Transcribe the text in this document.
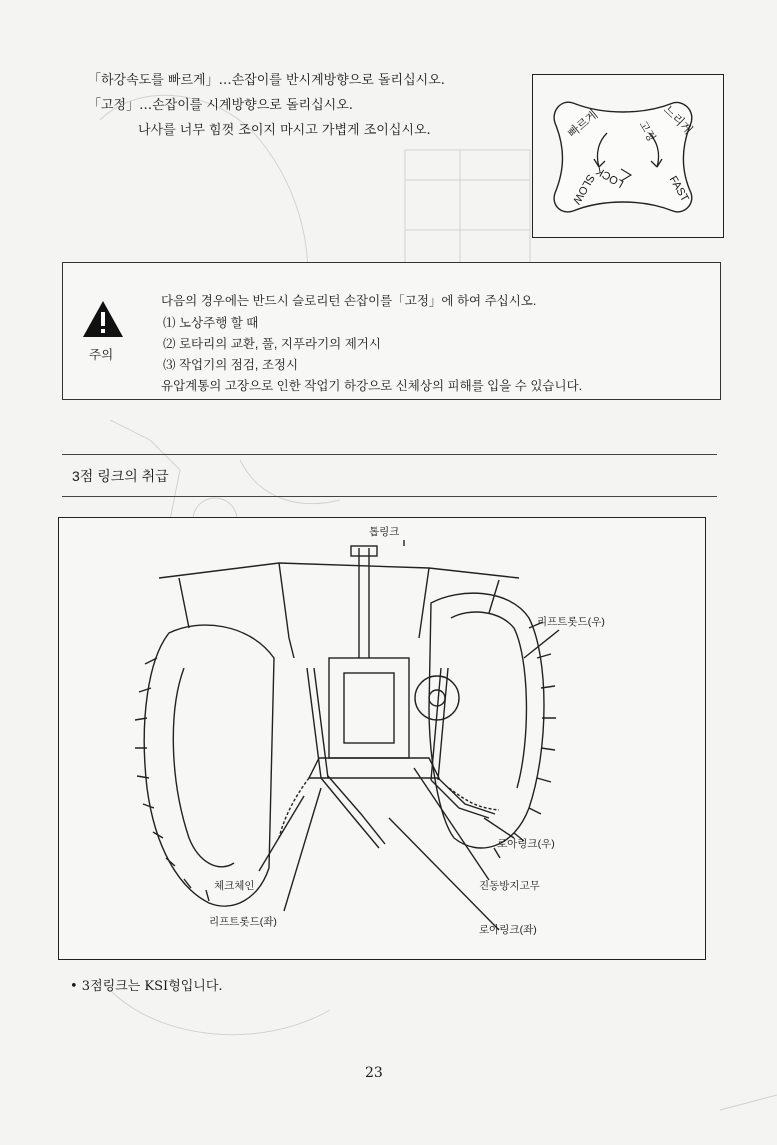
「하강속도를 빠르게」…손잡이를 반시계방향으로 돌리십시오.
「고정」…손잡이를 시계방향으로 돌리십시오.
나사를 너무 힘껏 조이지 마시고 가볍게 조이십시오.	빠르게	느리게
고정
LOCK
SLOW	FAST
주의
다음의 경우에는 반드시 슬로리턴 손잡이를「고정」에 하여 주십시오.
⑴ 노상주행 할 때
⑵ 로타리의 교환, 풀, 지푸라기의 제거시
⑶ 작업기의 점검, 조정시
유압계통의 고장으로 인한 작업기 하강으로 신체상의 피해를 입을 수 있습니다.
3점 링크의 취급
톱링크
리프트롯드(우)
로아링크(우)
진동방지고무
체크체인
리프트롯드(좌)
로아링크(좌)
• 3점링크는 KSI형입니다.
23
